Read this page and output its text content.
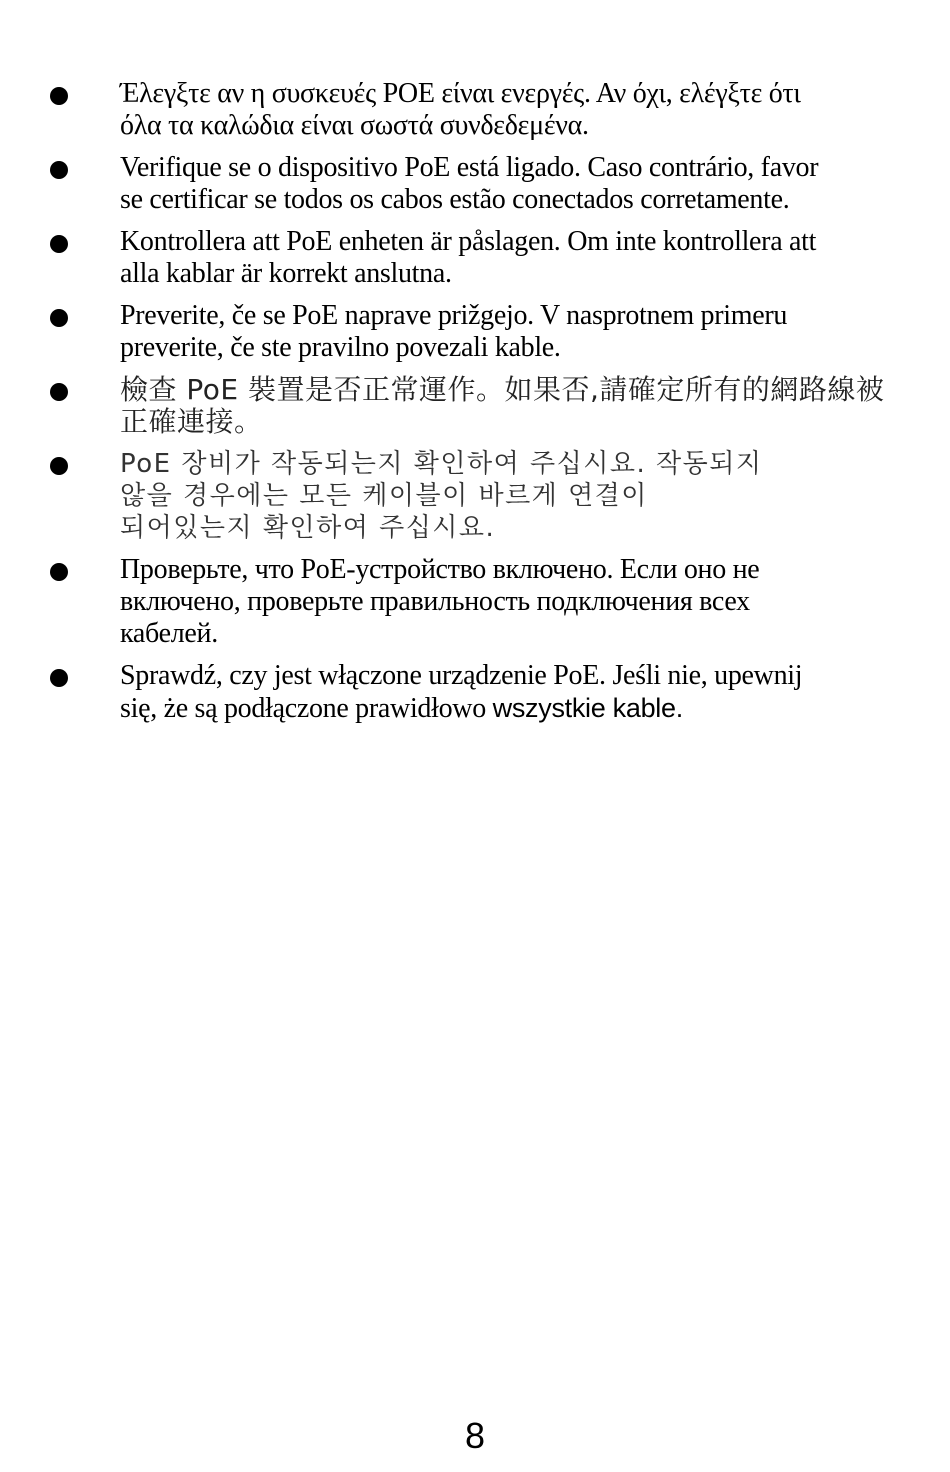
Έλεγξτε αν η συσκευές POE είναι ενεργές. Αν όχι, ελέγξτε ότι
όλα τα καλώδια είναι σωστά συνδεδεμένα.
Verifique se o dispositivo PoE está ligado. Caso contrário, favor
se certificar se todos os cabos estão conectados corretamente.
Kontrollera att PoE enheten är påslagen. Om inte kontrollera att
alla kablar är korrekt anslutna.
Preverite, če se PoE naprave prižgejo. V nasprotnem primeru
preverite, če ste pravilno povezali kable.
檢查 PoE 裝置是否正常運作。如果否,請確定所有的網路線被
正確連接。
PoE 장비가 작동되는지 확인하여 주십시요. 작동되지
않을 경우에는 모든 케이블이 바르게 연결이
되어있는지 확인하여 주십시요.
Проверьте, что PoE-устройство включено. Если оно не
включено, проверьте правильность подключения всех
кабелей.
Sprawdź, czy jest włączone urządzenie PoE. Jeśli nie, upewnij
się, że są podłączone prawidłowo wszystkie kable.
8
